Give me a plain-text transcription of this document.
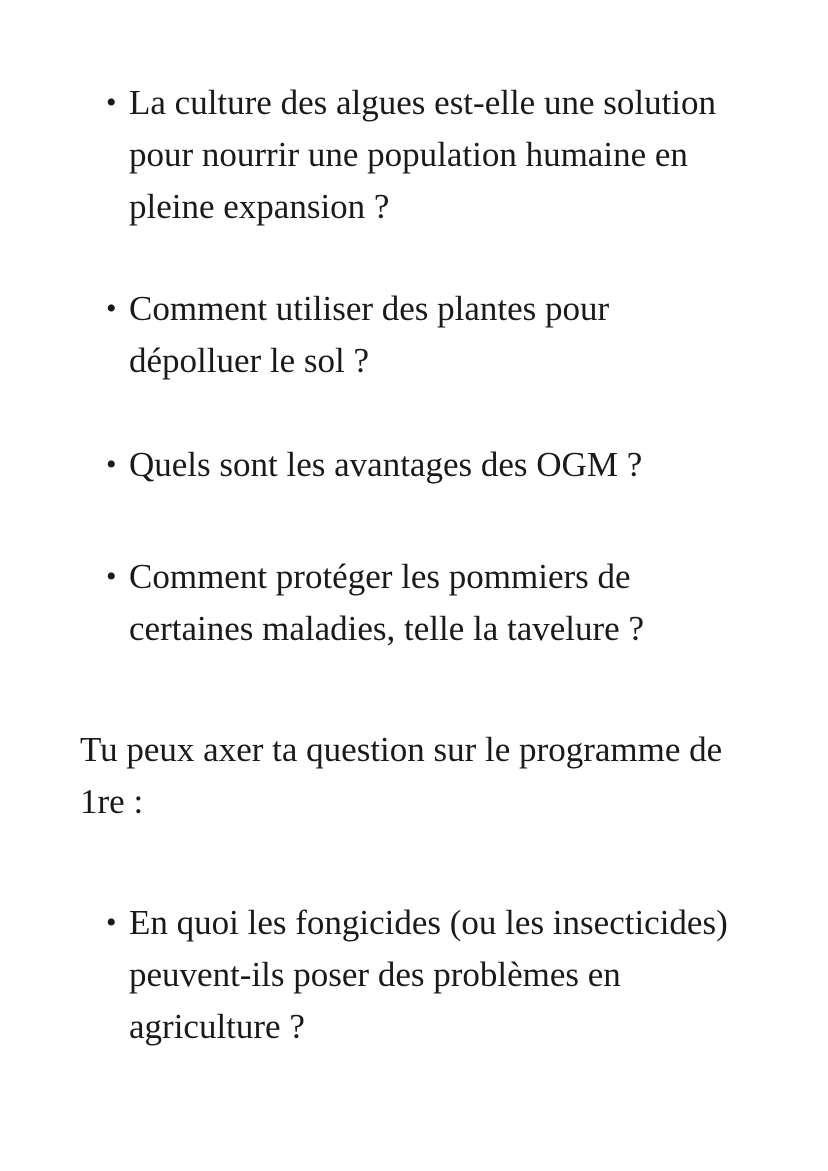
• La culture des algues est-elle une solution pour nourrir une population humaine en pleine expansion ?
• Comment utiliser des plantes pour dépolluer le sol ?
• Quels sont les avantages des OGM ?
• Comment protéger les pommiers de certaines maladies, telle la tavelure ?

Tu peux axer ta question sur le programme de 1re :

• En quoi les fongicides (ou les insecticides) peuvent-ils poser des problèmes en agriculture ?
